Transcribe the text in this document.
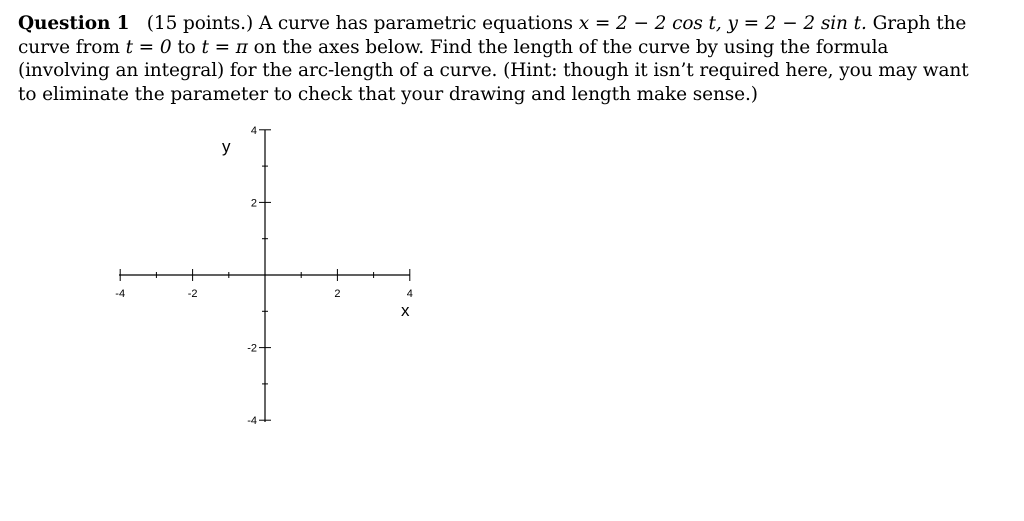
Question 1 (15 points.) A curve has parametric equations x = 2 − 2 cos t, y = 2 − 2 sin t. Graph the curve from t = 0 to t = π on the axes below. Find the length of the curve by using the formula (involving an integral) for the arc-length of a curve. (Hint: though it isn’t required here, you may want to eliminate the parameter to check that your drawing and length make sense.)
-4	-2	2	4
4
2
-2
-4
y
x
